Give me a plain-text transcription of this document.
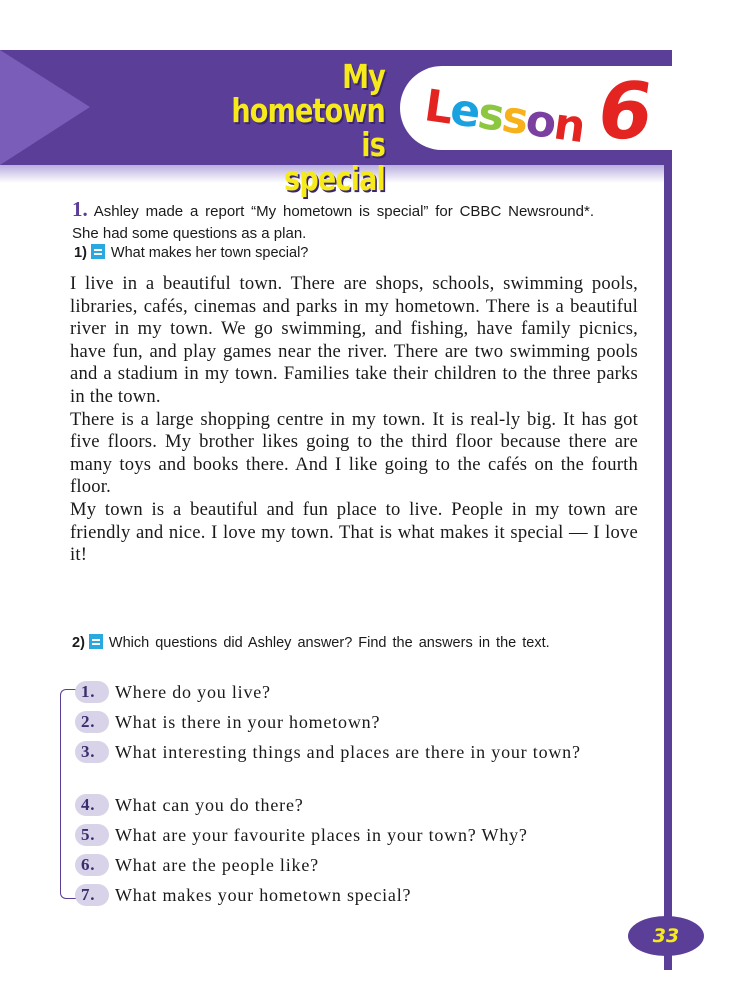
My hometown is
special
Lesson 6
1. Ashley made a report “My hometown is special” for CBBC Newsround*. She had some questions as a plan.
1) What makes her town special?

I live in a beautiful town. There are shops, schools, swimming pools, libraries, cafés, cinemas and parks in my hometown. There is a beautiful river in my town. We go swimming, and fishing, have family picnics, have fun, and play games near the river. There are two swimming pools and a stadium in my town. Families take their children to the three parks in the town.

There is a large shopping centre in my town. It is real-ly big. It has got five floors. My brother likes going to the third floor because there are many toys and books there. And I like going to the cafés on the fourth floor.

My town is a beautiful and fun place to live. People in my town are friendly and nice. I love my town. That is what makes it special — I love it!

2) Which questions did Ashley answer? Find the answers in the text.
1.	Where do you live?
2.	What is there in your hometown?
3.	What interesting things and places are there in your town?
4.	What can you do there?
5.	What are your favourite places in your town? Why?
6.	What are the people like?
7.	What makes your hometown special?
33
